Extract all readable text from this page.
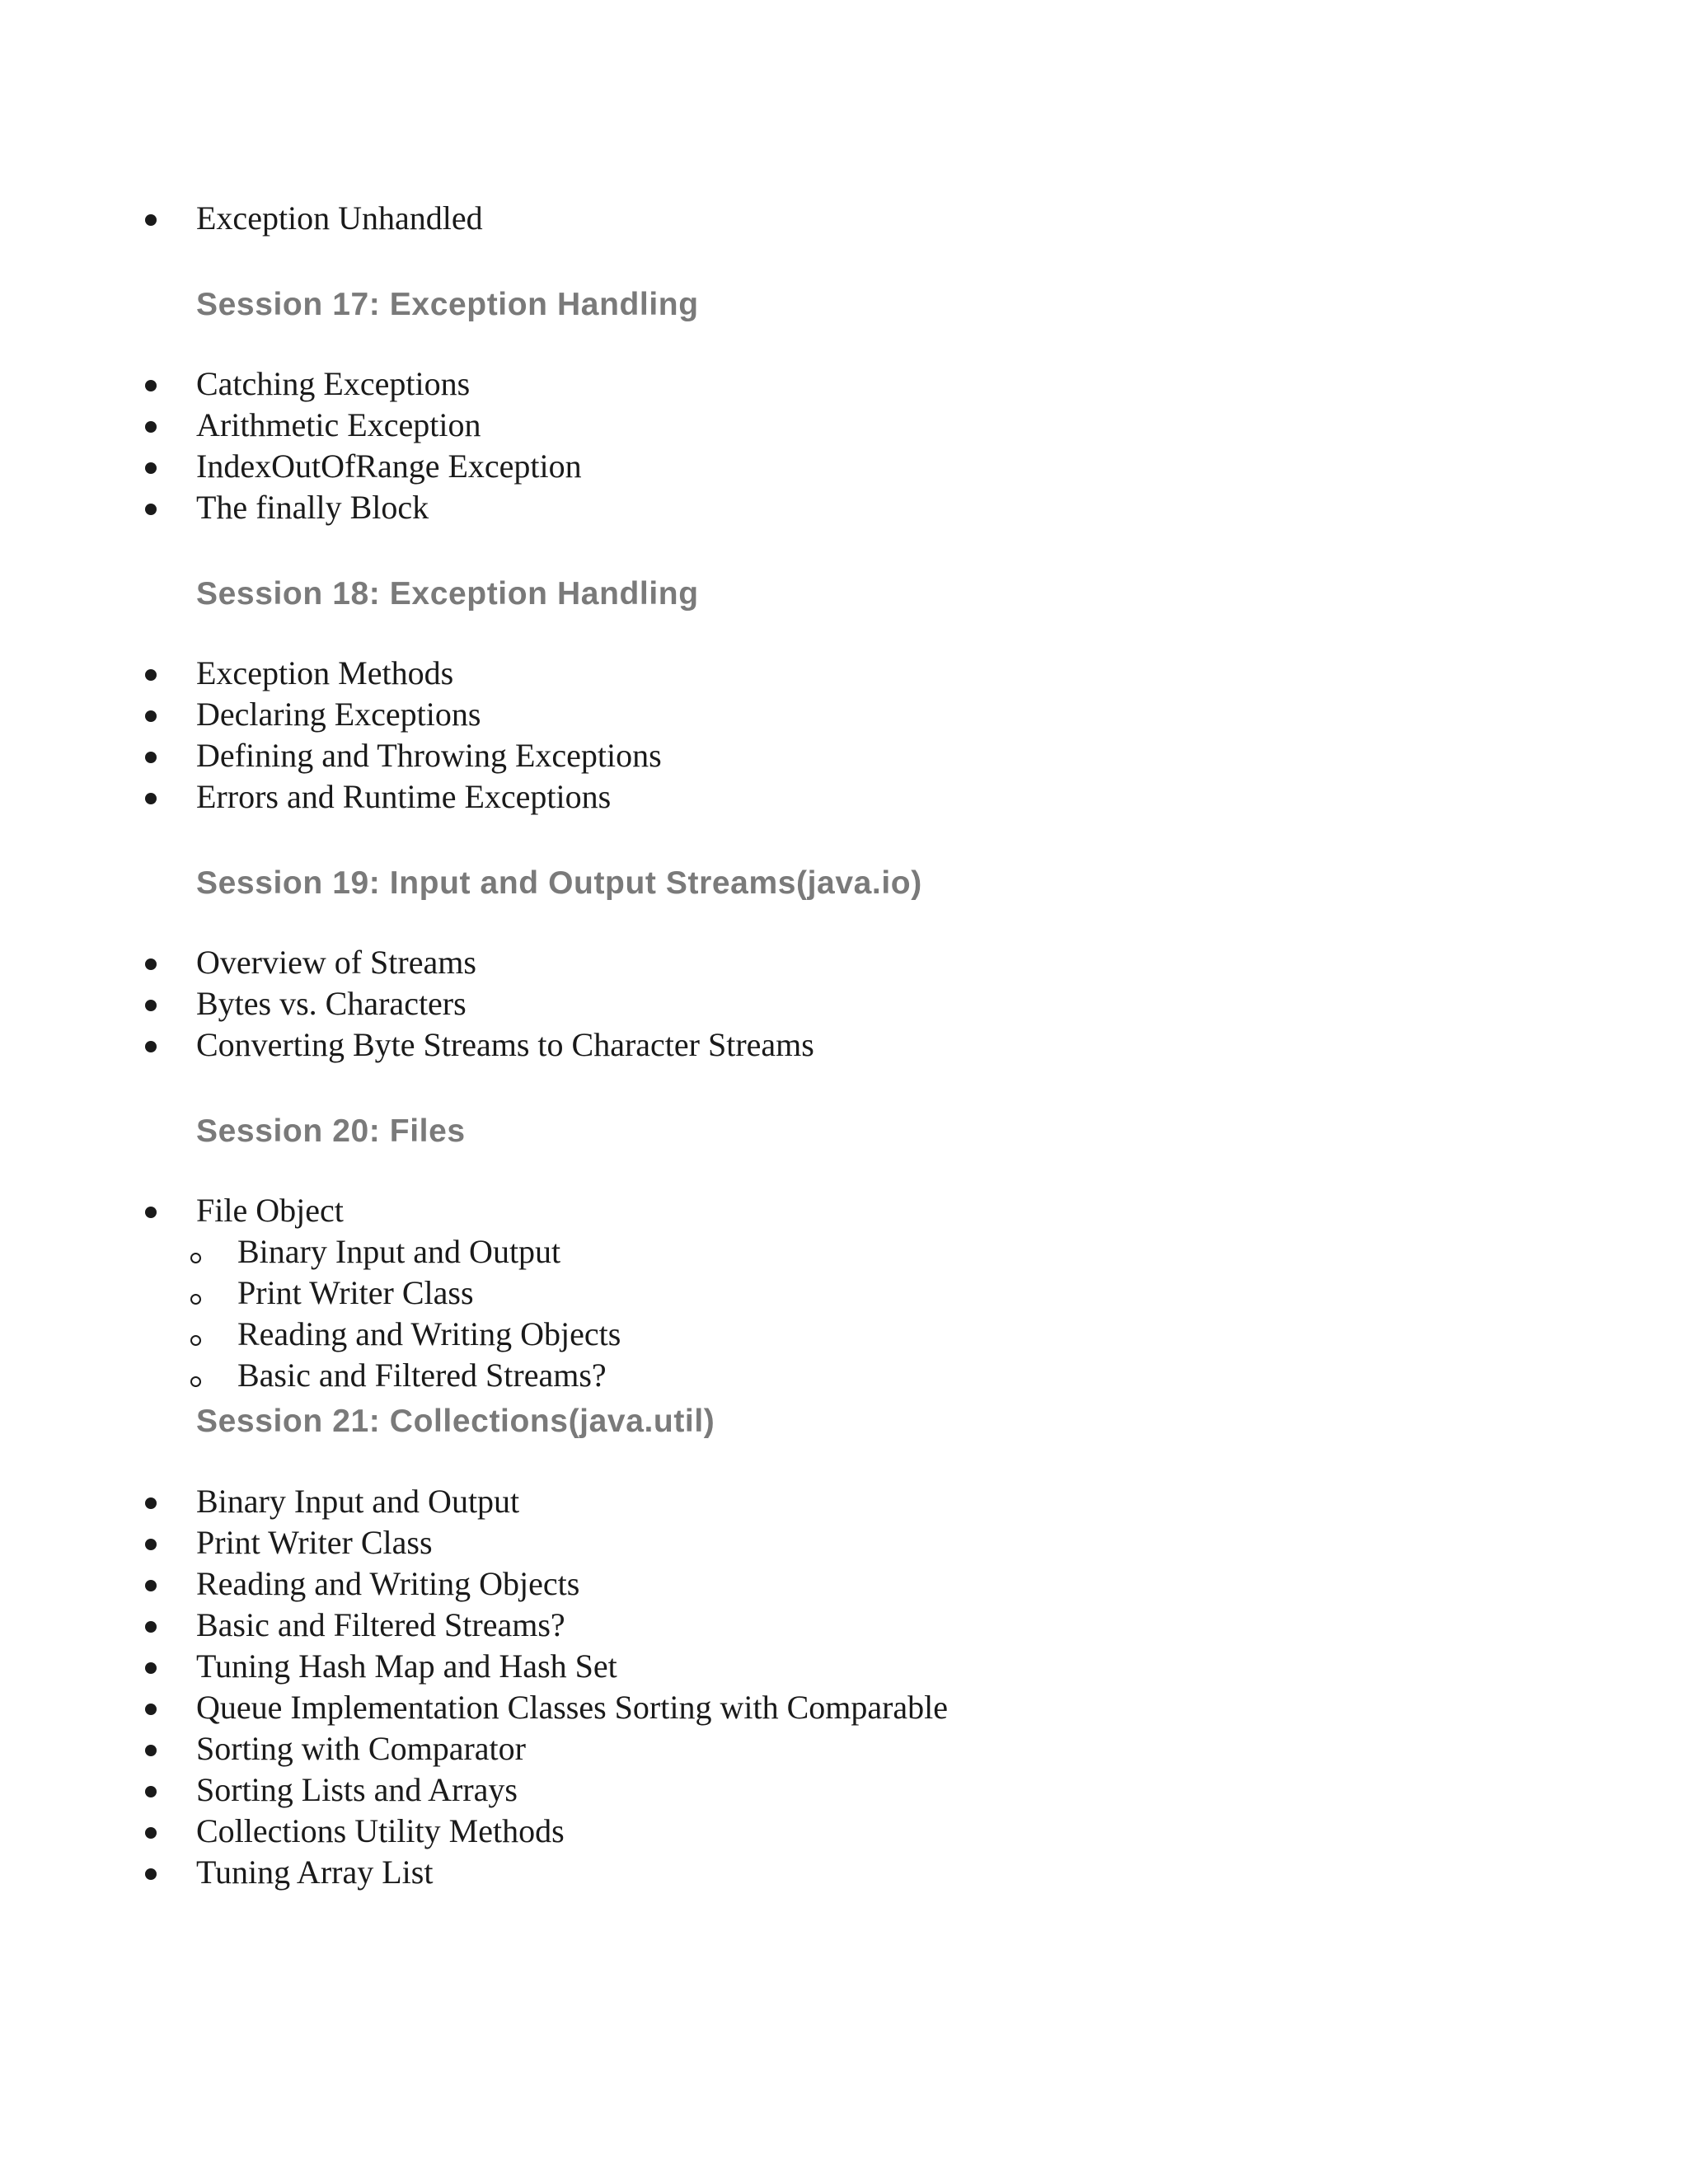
Exception Unhandled
Session 17: Exception Handling
Catching Exceptions
Arithmetic Exception
IndexOutOfRange Exception
The finally Block
Session 18: Exception Handling
Exception Methods
Declaring Exceptions
Defining and Throwing Exceptions
Errors and Runtime Exceptions
Session 19: Input and Output Streams(java.io)
Overview of Streams
Bytes vs. Characters
Converting Byte Streams to Character Streams
Session 20: Files
File Object
Binary Input and Output
Print Writer Class
Reading and Writing Objects
Basic and Filtered Streams?
Session 21: Collections(java.util)
Binary Input and Output
Print Writer Class
Reading and Writing Objects
Basic and Filtered Streams?
Tuning Hash Map and Hash Set
Queue Implementation Classes Sorting with Comparable
Sorting with Comparator
Sorting Lists and Arrays
Collections Utility Methods
Tuning Array List
